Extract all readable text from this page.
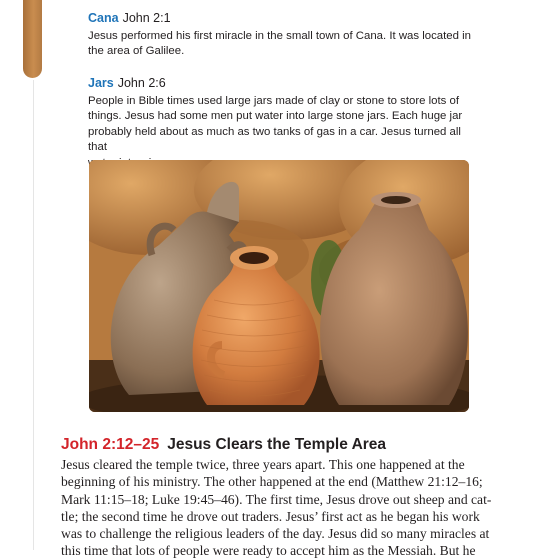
Cana John 2:1
Jesus performed his first miracle in the small town of Cana. It was located in
the area of Galilee.
Jars John 2:6
People in Bible times used large jars made of clay or stone to store lots of
things. Jesus had some men put water into large stone jars. Each huge jar
probably held about as much as two tanks of gas in a car. Jesus turned all that
John 2:12–25 Jesus Clears the Temple Area
Jesus cleared the temple twice, three years apart. This one happened at the
beginning of his ministry. The other happened at the end (Matthew 21:12–16;
Mark 11:15–18; Luke 19:45–46). The first time, Jesus drove out sheep and cat-
tle; the second time he drove out traders. Jesus’ first act as he began his work
was to challenge the religious leaders of the day. Jesus did so many miracles at
this time that lots of people were ready to accept him as the Messiah. But he
